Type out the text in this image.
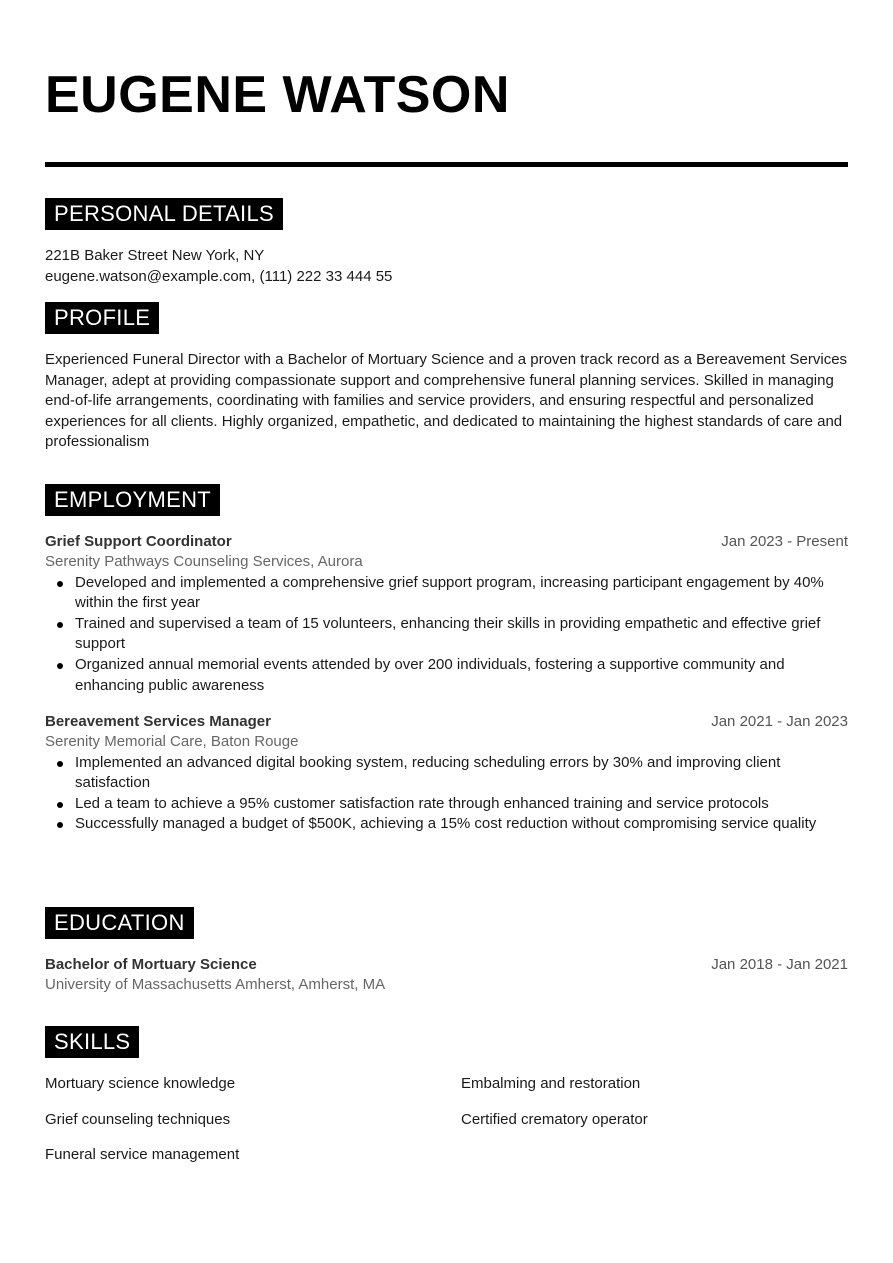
EUGENE WATSON
PERSONAL DETAILS
221B Baker Street New York, NY
eugene.watson@example.com, (111) 222 33 444 55
PROFILE
Experienced Funeral Director with a Bachelor of Mortuary Science and a proven track record as a Bereavement Services Manager, adept at providing compassionate support and comprehensive funeral planning services. Skilled in managing end-of-life arrangements, coordinating with families and service providers, and ensuring respectful and personalized experiences for all clients. Highly organized, empathetic, and dedicated to maintaining the highest standards of care and professionalism
EMPLOYMENT
Grief Support Coordinator	Jan 2023 - Present
Serenity Pathways Counseling Services, Aurora
Developed and implemented a comprehensive grief support program, increasing participant engagement by 40% within the first year
Trained and supervised a team of 15 volunteers, enhancing their skills in providing empathetic and effective grief support
Organized annual memorial events attended by over 200 individuals, fostering a supportive community and enhancing public awareness
Bereavement Services Manager	Jan 2021 - Jan 2023
Serenity Memorial Care, Baton Rouge
Implemented an advanced digital booking system, reducing scheduling errors by 30% and improving client satisfaction
Led a team to achieve a 95% customer satisfaction rate through enhanced training and service protocols
Successfully managed a budget of $500K, achieving a 15% cost reduction without compromising service quality
EDUCATION
Bachelor of Mortuary Science	Jan 2018 - Jan 2021
University of Massachusetts Amherst, Amherst, MA
SKILLS
Mortuary science knowledge	Embalming and restoration
Grief counseling techniques	Certified crematory operator
Funeral service management
